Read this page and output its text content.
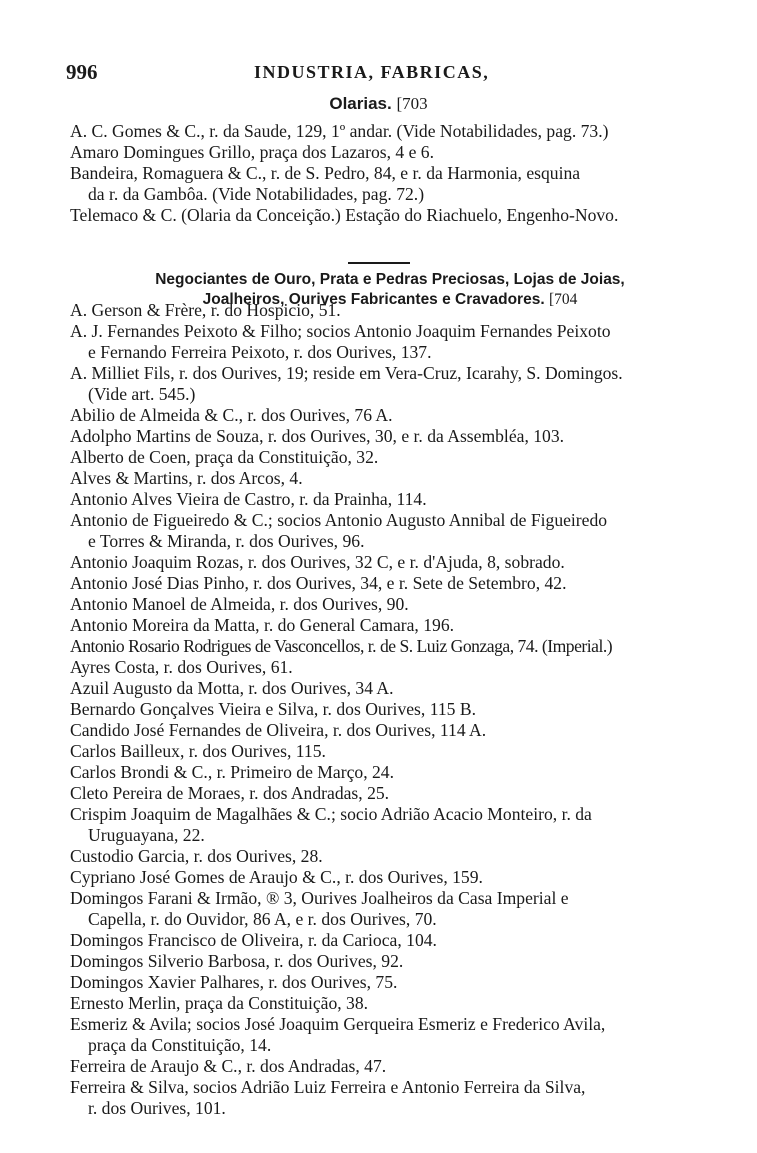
996	INDUSTRIA, FABRICAS,
Olarias. [703
A. C. Gomes & C., r. da Saude, 129, 1º andar. (Vide Notabilidades, pag. 73.)
Amaro Domingues Grillo, praça dos Lazaros, 4 e 6.
Bandeira, Romaguera & C., r. de S. Pedro, 84, e r. da Harmonia, esquina
da r. da Gambôa. (Vide Notabilidades, pag. 72.)
Telemaco & C. (Olaria da Conceição.) Estação do Riachuelo, Engenho-Novo.
Negociantes de Ouro, Prata e Pedras Preciosas, Lojas de Joias,
Joalheiros, Ourives Fabricantes e Cravadores. [704
A. Gerson & Frère, r. do Hospicio, 51.
A. J. Fernandes Peixoto & Filho; socios Antonio Joaquim Fernandes Peixoto
e Fernando Ferreira Peixoto, r. dos Ourives, 137.
A. Milliet Fils, r. dos Ourives, 19; reside em Vera-Cruz, Icarahy, S. Domingos.
(Vide art. 545.)
Abilio de Almeida & C., r. dos Ourives, 76 A.
Adolpho Martins de Souza, r. dos Ourives, 30, e r. da Assembléa, 103.
Alberto de Coen, praça da Constituição, 32.
Alves & Martins, r. dos Arcos, 4.
Antonio Alves Vieira de Castro, r. da Prainha, 114.
Antonio de Figueiredo & C.; socios Antonio Augusto Annibal de Figueiredo
e Torres & Miranda, r. dos Ourives, 96.
Antonio Joaquim Rozas, r. dos Ourives, 32 C, e r. d'Ajuda, 8, sobrado.
Antonio José Dias Pinho, r. dos Ourives, 34, e r. Sete de Setembro, 42.
Antonio Manoel de Almeida, r. dos Ourives, 90.
Antonio Moreira da Matta, r. do General Camara, 196.
Antonio Rosario Rodrigues de Vasconcellos, r. de S. Luiz Gonzaga, 74. (Imperial.)
Ayres Costa, r. dos Ourives, 61.
Azuil Augusto da Motta, r. dos Ourives, 34 A.
Bernardo Gonçalves Vieira e Silva, r. dos Ourives, 115 B.
Candido José Fernandes de Oliveira, r. dos Ourives, 114 A.
Carlos Bailleux, r. dos Ourives, 115.
Carlos Brondi & C., r. Primeiro de Março, 24.
Cleto Pereira de Moraes, r. dos Andradas, 25.
Crispim Joaquim de Magalhães & C.; socio Adrião Acacio Monteiro, r. da
Uruguayana, 22.
Custodio Garcia, r. dos Ourives, 28.
Cypriano José Gomes de Araujo & C., r. dos Ourives, 159.
Domingos Farani & Irmão, ® 3, Ourives Joalheiros da Casa Imperial e
Capella, r. do Ouvidor, 86 A, e r. dos Ourives, 70.
Domingos Francisco de Oliveira, r. da Carioca, 104.
Domingos Silverio Barbosa, r. dos Ourives, 92.
Domingos Xavier Palhares, r. dos Ourives, 75.
Ernesto Merlin, praça da Constituição, 38.
Esmeriz & Avila; socios José Joaquim Gerqueira Esmeriz e Frederico Avila,
praça da Constituição, 14.
Ferreira de Araujo & C., r. dos Andradas, 47.
Ferreira & Silva, socios Adrião Luiz Ferreira e Antonio Ferreira da Silva,
r. dos Ourives, 101.
